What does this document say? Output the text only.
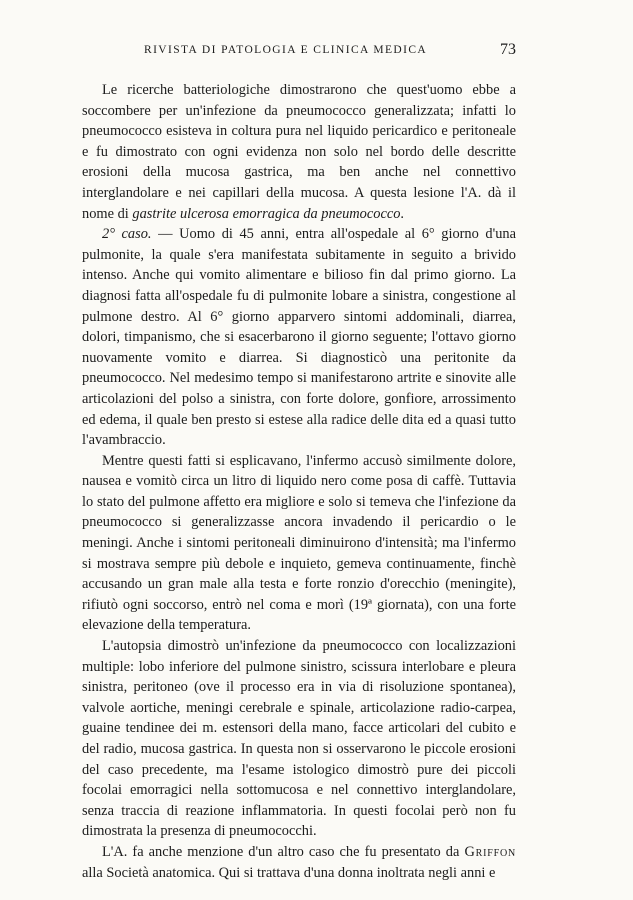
RIVISTA DI PATOLOGIA E CLINICA MEDICA	73

Le ricerche batteriologiche dimostrarono che quest'uomo ebbe a soccombere per un'infezione da pneumococco generalizzata; infatti lo pneumococco esisteva in coltura pura nel liquido pericardico e peritoneale e fu dimostrato con ogni evidenza non solo nel bordo delle descritte erosioni della mucosa gastrica, ma ben anche nel connettivo interglandolare e nei capillari della mucosa. A questa lesione l'A. dà il nome di gastrite ulcerosa emorragica da pneumococco.

2° caso. — Uomo di 45 anni, entra all'ospedale al 6° giorno d'una pulmonite, la quale s'era manifestata subitamente in seguito a brivido intenso. Anche qui vomito alimentare e bilioso fin dal primo giorno. La diagnosi fatta all'ospedale fu di pulmonite lobare a sinistra, congestione al pulmone destro. Al 6° giorno apparvero sintomi addominali, diarrea, dolori, timpanismo, che si esacerbarono il giorno seguente; l'ottavo giorno nuovamente vomito e diarrea. Si diagnosticò una peritonite da pneumococco. Nel medesimo tempo si manifestarono artrite e sinovite alle articolazioni del polso a sinistra, con forte dolore, gonfiore, arrossimento ed edema, il quale ben presto si estese alla radice delle dita ed a quasi tutto l'avambraccio.

Mentre questi fatti si esplicavano, l'infermo accusò similmente dolore, nausea e vomitò circa un litro di liquido nero come posa di caffè. Tuttavia lo stato del pulmone affetto era migliore e solo si temeva che l'infezione da pneumococco si generalizzasse ancora invadendo il pericardio o le meningi. Anche i sintomi peritoneali diminuirono d'intensità; ma l'infermo si mostrava sempre più debole e inquieto, gemeva continuamente, finchè accusando un gran male alla testa e forte ronzio d'orecchio (meningite), rifiutò ogni soccorso, entrò nel coma e morì (19ª giornata), con una forte elevazione della temperatura.

L'autopsia dimostrò un'infezione da pneumococco con localizzazioni multiple: lobo inferiore del pulmone sinistro, scissura interlobare e pleura sinistra, peritoneo (ove il processo era in via di risoluzione spontanea), valvole aortiche, meningi cerebrale e spinale, articolazione radio-carpea, guaine tendinee dei m. estensori della mano, facce articolari del cubito e del radio, mucosa gastrica. In questa non si osservarono le piccole erosioni del caso precedente, ma l'esame istologico dimostrò pure dei piccoli focolai emorragici nella sottomucosa e nel connettivo interglandolare, senza traccia di reazione inflammatoria. In questi focolai però non fu dimostrata la presenza di pneumococchi.

L'A. fa anche menzione d'un altro caso che fu presentato da Griffon alla Società anatomica. Qui si trattava d'una donna inoltrata negli anni e
